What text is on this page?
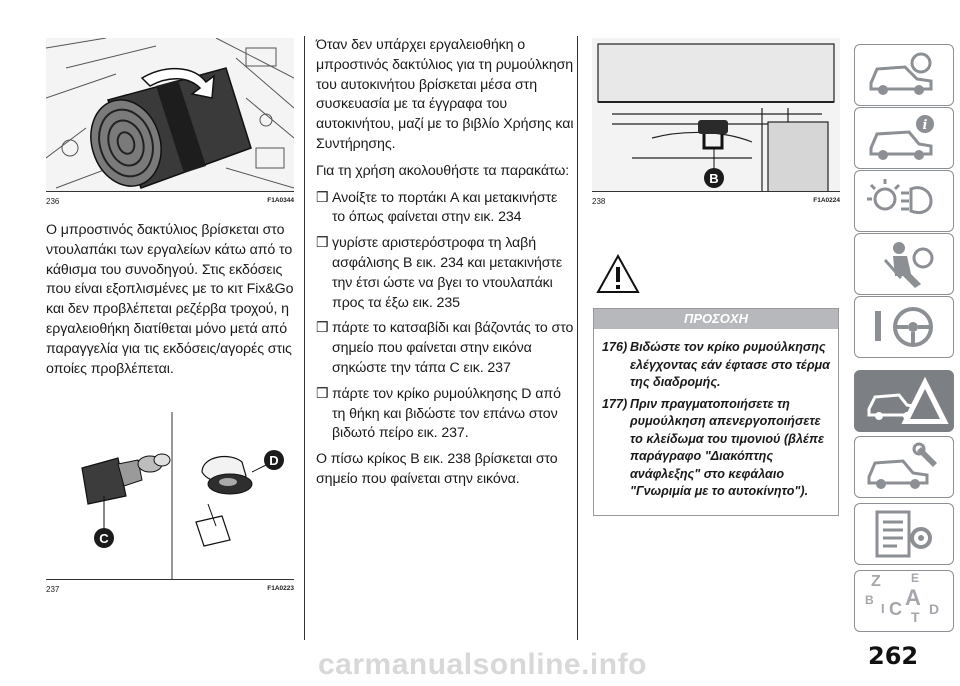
236	F1A0344

Ο μπροστινός δακτύλιος βρίσκεται στο ντουλαπάκι των εργαλείων κάτω από το κάθισμα του συνοδηγού. Στις εκδόσεις που είναι εξοπλισμένες με το κιτ Fix&Go και δεν προβλέπεται ρεζέρβα τροχού, η εργαλειοθήκη διατίθεται μόνο μετά από παραγγελία για τις εκδόσεις/αγορές στις οποίες προβλέπεται.

C
D
237	F1A0223

Όταν δεν υπάρχει εργαλειοθήκη ο μπροστινός δακτύλιος για τη ρυμούλκηση του αυτοκινήτου βρίσκεται μέσα στη συσκευασία με τα έγγραφα του αυτοκινήτου, μαζί με το βιβλίο Χρήσης και Συντήρησης.

Για τη χρήση ακολουθήστε τα παρακάτω:

❒ Ανοίξτε το πορτάκι A και μετακινήστε το όπως φαίνεται στην εικ. 234
❒ γυρίστε αριστερόστροφα τη λαβή ασφάλισης B εικ. 234 και μετακινήστε την έτσι ώστε να βγει το ντουλαπάκι προς τα έξω εικ. 235
❒ πάρτε το κατσαβίδι και βάζοντάς το στο σημείο που φαίνεται στην εικόνα σηκώστε την τάπα C εικ. 237
❒ πάρτε τον κρίκο ρυμούλκησης D από τη θήκη και βιδώστε τον επάνω στον βιδωτό πείρο εικ. 237.

Ο πίσω κρίκος B εικ. 238 βρίσκεται στο σημείο που φαίνεται στην εικόνα.

B
238	F1A0224
ΠΡΟΣΟΧΗ
176) Βιδώστε τον κρίκο ρυμούλκησης ελέγχοντας εάν έφτασε στο τέρμα της διαδρομής.
177) Πριν πραγματοποιήσετε τη ρυμούλκηση απενεργοποιήσετε το κλείδωμα του τιμονιού (βλέπε παράγραφο "Διακόπτης ανάφλεξης" στο κεφάλαιο "Γνωριμία με το αυτοκίνητο").
i
Z	E
B A
I C T D
262
carmanualsonline.info
